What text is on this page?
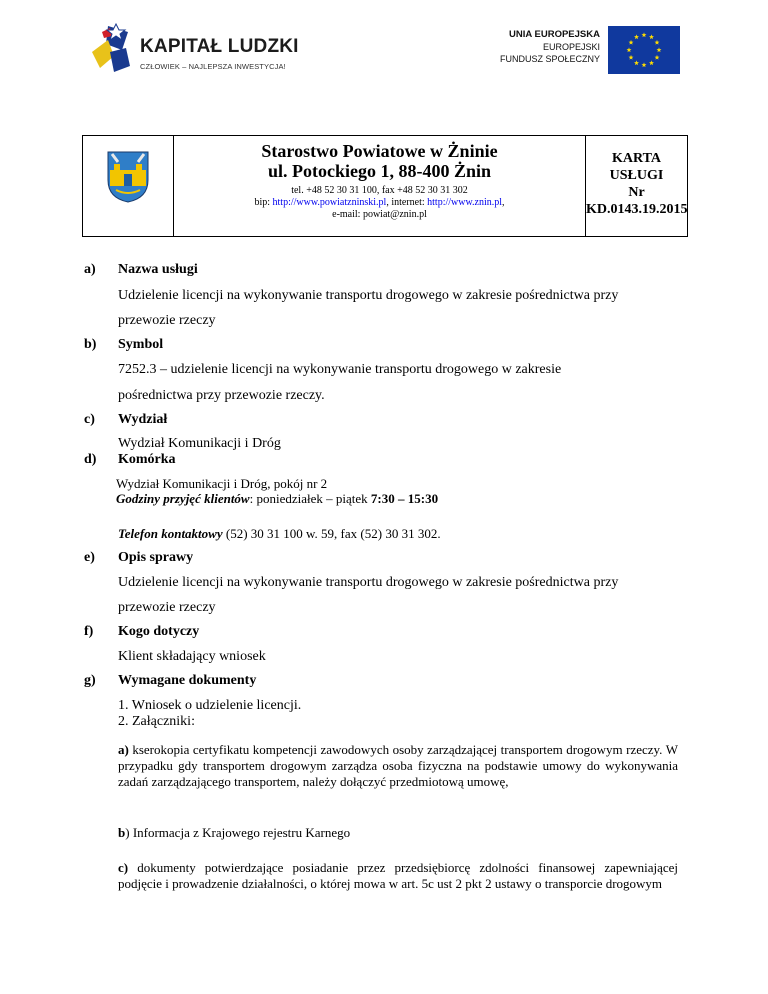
KAPITAŁ LUDZKI
CZŁOWIEK – NAJLEPSZA INWESTYCJA!
UNIA EUROPEJSKA
EUROPEJSKI
FUNDUSZ SPOŁECZNY
Starostwo Powiatowe w Żninie
ul. Potockiego 1, 88-400 Żnin
tel. +48 52 30 31 100, fax +48 52 30 31 302
bip: http://www.powiatzninski.pl, internet: http://www.znin.pl,
e-mail: powiat@znin.pl
KARTA
USŁUGI
Nr
KD.0143.19.2015
a) Nazwa usługi
Udzielenie licencji na wykonywanie transportu drogowego w zakresie pośrednictwa przy
przewozie rzeczy
b) Symbol
7252.3 – udzielenie licencji na wykonywanie transportu drogowego w zakresie
pośrednictwa przy przewozie rzeczy.
c) Wydział
Wydział Komunikacji i Dróg
d) Komórka
Wydział Komunikacji i Dróg, pokój nr 2
Godziny przyjęć klientów: poniedziałek – piątek 7:30 – 15:30
Telefon kontaktowy (52) 30 31 100 w. 59, fax (52) 30 31 302.
e) Opis sprawy
Udzielenie licencji na wykonywanie transportu drogowego w zakresie pośrednictwa przy
przewozie rzeczy
f) Kogo dotyczy
Klient składający wniosek
g) Wymagane dokumenty
1. Wniosek o udzielenie licencji.
2. Załączniki:
a) kserokopia certyfikatu kompetencji zawodowych osoby zarządzającej transportem drogowym rzeczy. W przypadku gdy transportem drogowym zarządza osoba fizyczna na podstawie umowy do wykonywania zadań zarządzającego transportem, należy dołączyć przedmiotową umowę,
b) Informacja z Krajowego rejestru Karnego
c) dokumenty potwierdzające posiadanie przez przedsiębiorcę zdolności finansowej zapewniającej podjęcie i prowadzenie działalności, o której mowa w art. 5c ust 2 pkt 2 ustawy o transporcie drogowym
